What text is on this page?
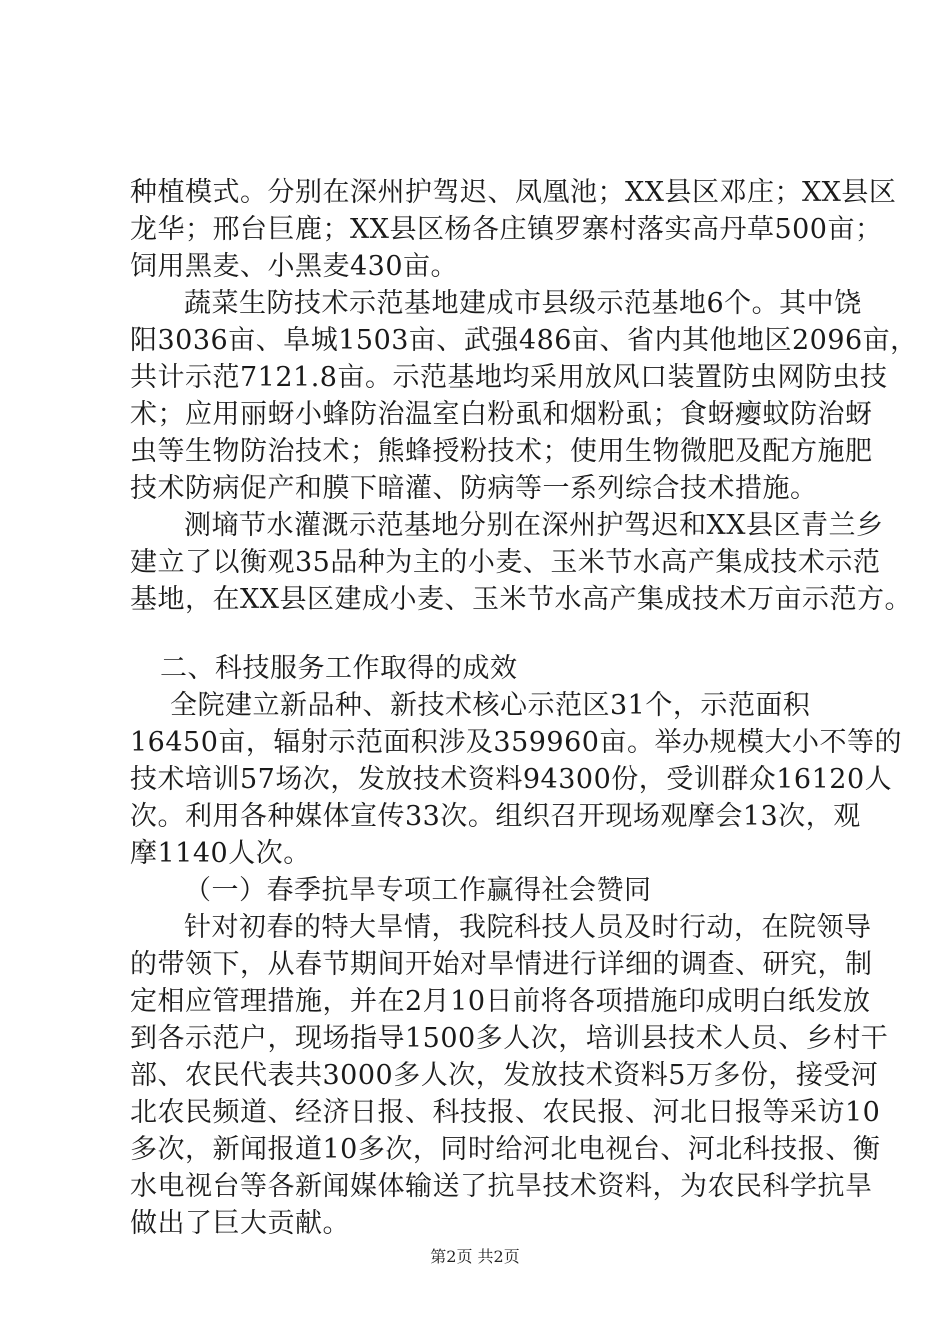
种植模式。分别在深州护驾迟、凤凰池；XX县区邓庄；XX县区
龙华；邢台巨鹿；XX县区杨各庄镇罗寨村落实高丹草500亩；
饲用黑麦、小黑麦430亩。
蔬菜生防技术示范基地建成市县级示范基地6个。其中饶
阳3036亩、阜城1503亩、武强486亩、省内其他地区2096亩，
共计示范7121.8亩。示范基地均采用放风口装置防虫网防虫技
术；应用丽蚜小蜂防治温室白粉虱和烟粉虱；食蚜瘿蚊防治蚜
虫等生物防治技术；熊蜂授粉技术；使用生物微肥及配方施肥
技术防病促产和膜下暗灌、防病等一系列综合技术措施。
测墒节水灌溉示范基地分别在深州护驾迟和XX县区青兰乡
建立了以衡观35品种为主的小麦、玉米节水高产集成技术示范
基地，在XX县区建成小麦、玉米节水高产集成技术万亩示范方。
二、科技服务工作取得的成效
全院建立新品种、新技术核心示范区31个，示范面积
16450亩，辐射示范面积涉及359960亩。举办规模大小不等的
技术培训57场次，发放技术资料94300份，受训群众16120人
次。利用各种媒体宣传33次。组织召开现场观摩会13次，观
摩1140人次。
（一）春季抗旱专项工作赢得社会赞同
针对初春的特大旱情，我院科技人员及时行动，在院领导
的带领下，从春节期间开始对旱情进行详细的调查、研究，制
定相应管理措施，并在2月10日前将各项措施印成明白纸发放
到各示范户，现场指导1500多人次，培训县技术人员、乡村干
部、农民代表共3000多人次，发放技术资料5万多份，接受河
北农民频道、经济日报、科技报、农民报、河北日报等采访10
多次，新闻报道10多次，同时给河北电视台、河北科技报、衡
水电视台等各新闻媒体输送了抗旱技术资料，为农民科学抗旱
做出了巨大贡献。
第2页 共2页
